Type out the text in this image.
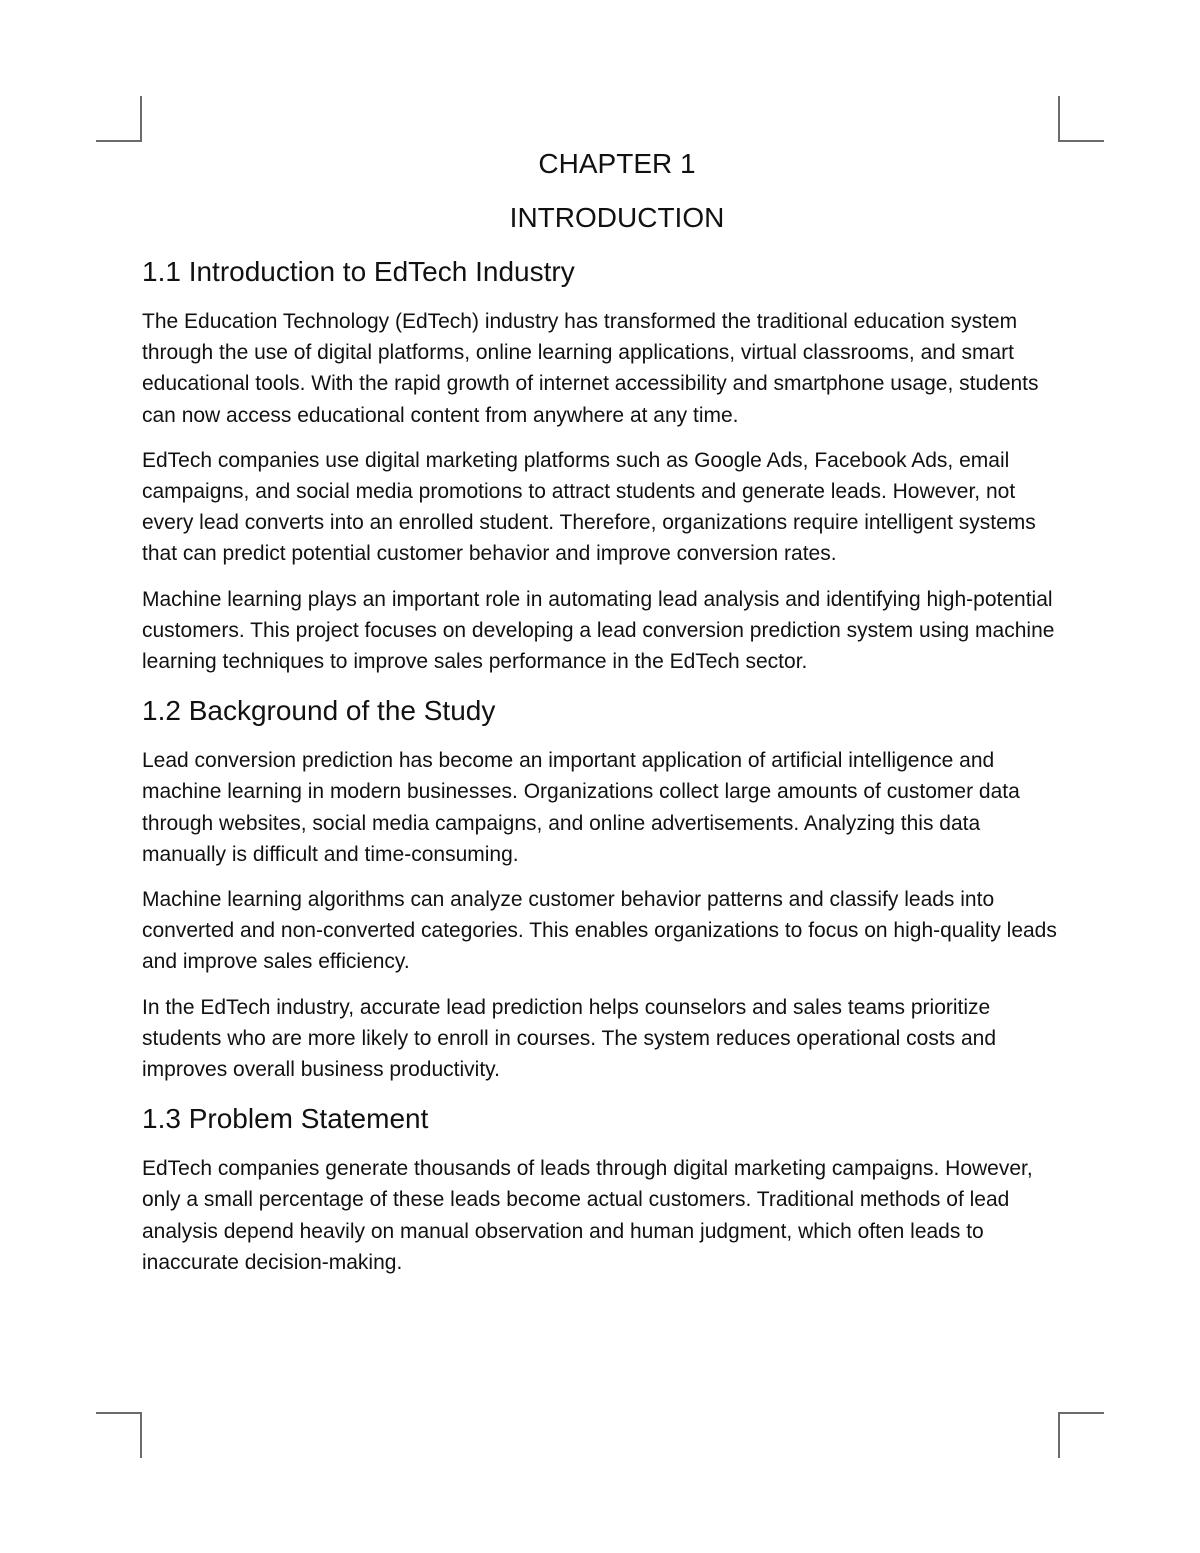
CHAPTER 1
INTRODUCTION
1.1 Introduction to EdTech Industry

The Education Technology (EdTech) industry has transformed the traditional education system through the use of digital platforms, online learning applications, virtual classrooms, and smart educational tools. With the rapid growth of internet accessibility and smartphone usage, students can now access educational content from anywhere at any time.

EdTech companies use digital marketing platforms such as Google Ads, Facebook Ads, email campaigns, and social media promotions to attract students and generate leads. However, not every lead converts into an enrolled student. Therefore, organizations require intelligent systems that can predict potential customer behavior and improve conversion rates.

Machine learning plays an important role in automating lead analysis and identifying high-potential customers. This project focuses on developing a lead conversion prediction system using machine learning techniques to improve sales performance in the EdTech sector.

1.2 Background of the Study

Lead conversion prediction has become an important application of artificial intelligence and machine learning in modern businesses. Organizations collect large amounts of customer data through websites, social media campaigns, and online advertisements. Analyzing this data manually is difficult and time-consuming.

Machine learning algorithms can analyze customer behavior patterns and classify leads into converted and non-converted categories. This enables organizations to focus on high-quality leads and improve sales efficiency.

In the EdTech industry, accurate lead prediction helps counselors and sales teams prioritize students who are more likely to enroll in courses. The system reduces operational costs and improves overall business productivity.

1.3 Problem Statement

EdTech companies generate thousands of leads through digital marketing campaigns. However, only a small percentage of these leads become actual customers. Traditional methods of lead analysis depend heavily on manual observation and human judgment, which often leads to inaccurate decision-making.
